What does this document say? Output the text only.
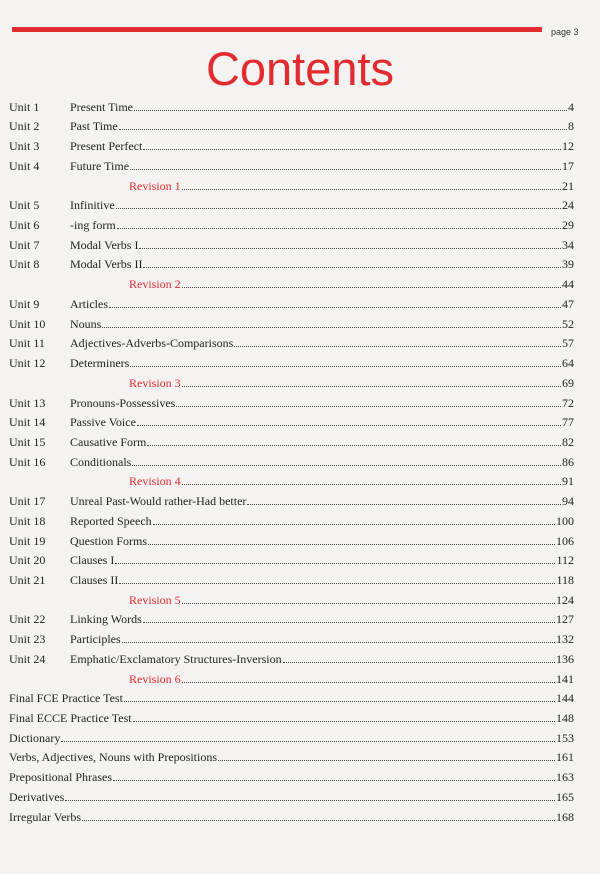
page 3
Contents
Unit 1	Present Time	4
Unit 2	Past Time	8
Unit 3	Present Perfect	12
Unit 4	Future Time	17
Revision 1	21
Unit 5	Infinitive	24
Unit 6	-ing form	29
Unit 7	Modal Verbs I	34
Unit 8	Modal Verbs II	39
Revision 2	44
Unit 9	Articles	47
Unit 10	Nouns	52
Unit 11	Adjectives-Adverbs-Comparisons	57
Unit 12	Determiners	64
Revision 3	69
Unit 13	Pronouns-Possessives	72
Unit 14	Passive Voice	77
Unit 15	Causative Form	82
Unit 16	Conditionals	86
Revision 4	91
Unit 17	Unreal Past-Would rather-Had better	94
Unit 18	Reported Speech	100
Unit 19	Question Forms	106
Unit 20	Clauses I	112
Unit 21	Clauses II	118
Revision 5	124
Unit 22	Linking Words	127
Unit 23	Participles	132
Unit 24	Emphatic/Exclamatory Structures-Inversion	136
Revision 6	141
Final FCE Practice Test	144
Final ECCE Practice Test	148
Dictionary	153
Verbs, Adjectives, Nouns with Prepositions	161
Prepositional Phrases	163
Derivatives	165
Irregular Verbs	168
